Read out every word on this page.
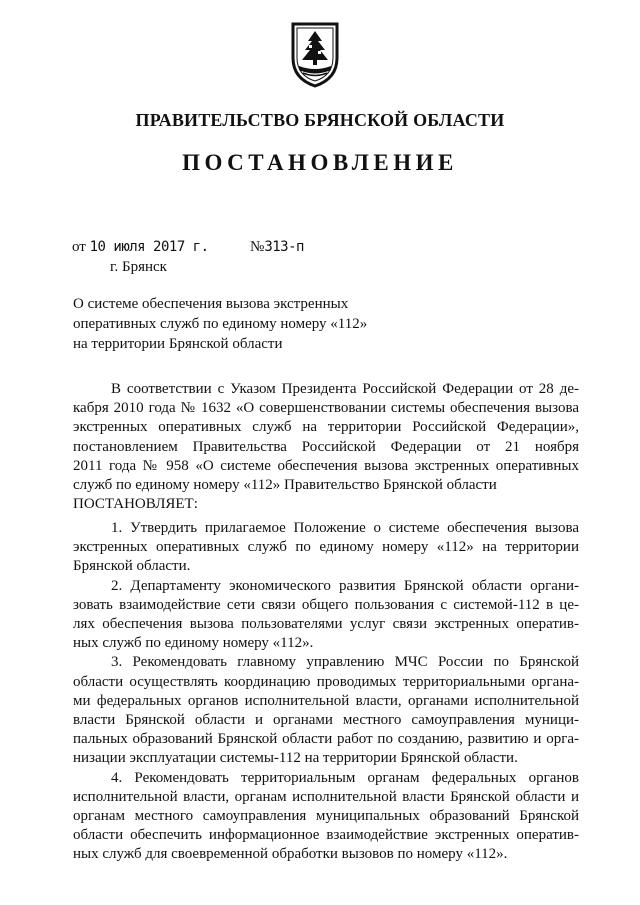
ПРАВИТЕЛЬСТВО БРЯНСКОЙ ОБЛАСТИ
ПОСТАНОВЛЕНИЕ
от 10 июля 2017 г.	№313-п
г. Брянск
О системе обеспечения вызова экстренных
оперативных служб по единому номеру «112»
на территории Брянской области

В соответствии с Указом Президента Российской Федерации от 28 де-

кабря 2010 года № 1632 «О совершенствовании системы обеспечения вызова

экстренных оперативных служб на территории Российской Федерации»,

постановлением Правительства Российской Федерации от 21 ноября

2011 года № 958 «О системе обеспечения вызова экстренных оперативных

служб по единому номеру «112» Правительство Брянской области

ПОСТАНОВЛЯЕТ:

1. Утвердить прилагаемое Положение о системе обеспечения вызова

экстренных оперативных служб по единому номеру «112» на территории

Брянской области.

2. Департаменту экономического развития Брянской области органи-

зовать взаимодействие сети связи общего пользования с системой-112 в це-

лях обеспечения вызова пользователями услуг связи экстренных оператив-

ных служб по единому номеру «112».

3. Рекомендовать главному управлению МЧС России по Брянской

области осуществлять координацию проводимых территориальными органа-

ми федеральных органов исполнительной власти, органами исполнительной

власти Брянской области и органами местного самоуправления муници-

пальных образований Брянской области работ по созданию, развитию и орга-

низации эксплуатации системы-112 на территории Брянской области.

4. Рекомендовать территориальным органам федеральных органов

исполнительной власти, органам исполнительной власти Брянской области и

органам местного самоуправления муниципальных образований Брянской

области обеспечить информационное взаимодействие экстренных оператив-

ных служб для своевременной обработки вызовов по номеру «112».
